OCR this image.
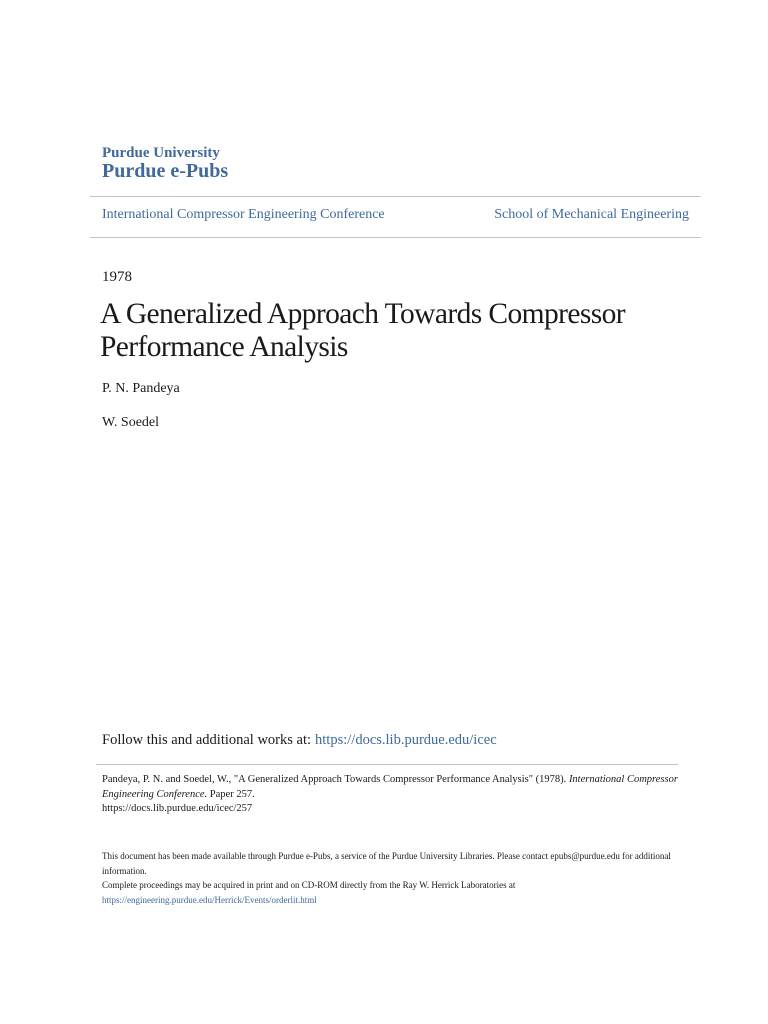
Purdue University
Purdue e-Pubs
International Compressor Engineering Conference	School of Mechanical Engineering
1978
A Generalized Approach Towards Compressor Performance Analysis
P. N. Pandeya
W. Soedel
Follow this and additional works at: https://docs.lib.purdue.edu/icec
Pandeya, P. N. and Soedel, W., "A Generalized Approach Towards Compressor Performance Analysis" (1978). International Compressor Engineering Conference. Paper 257.
https://docs.lib.purdue.edu/icec/257
This document has been made available through Purdue e-Pubs, a service of the Purdue University Libraries. Please contact epubs@purdue.edu for additional information.
Complete proceedings may be acquired in print and on CD-ROM directly from the Ray W. Herrick Laboratories at https://engineering.purdue.edu/Herrick/Events/orderlit.html
